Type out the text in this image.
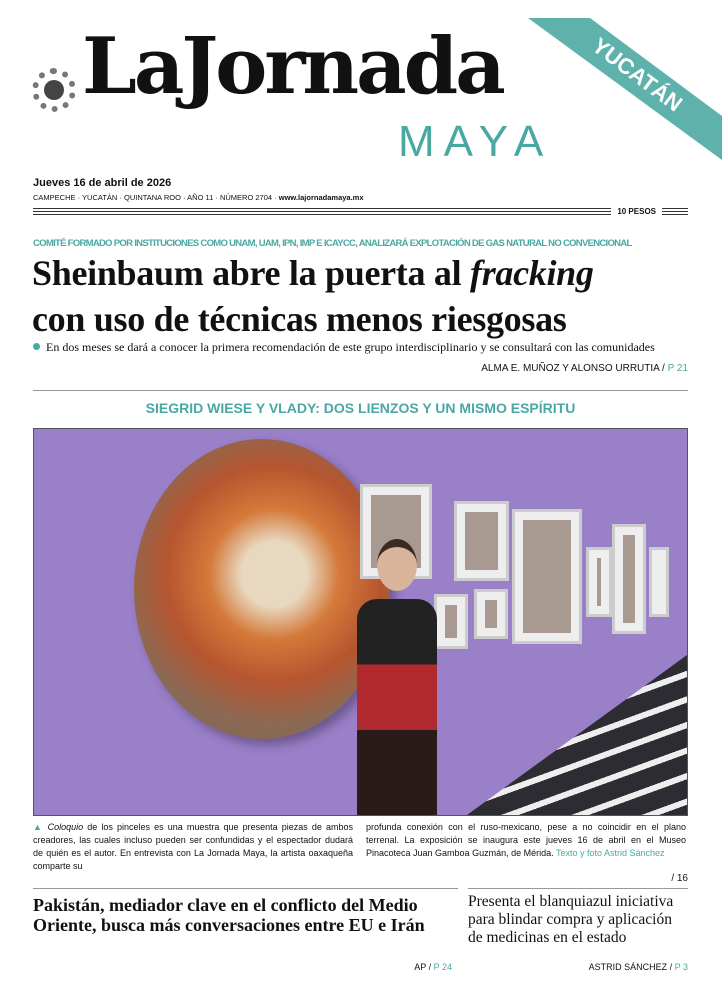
LaJornada
MAYA
YUCATÁN
Jueves 16 de abril de 2026
CAMPECHE · YUCATÁN · QUINTANA ROO · AÑO 11 · NÚMERO 2704 · www.lajornadamaya.mx
10 PESOS
COMITÉ FORMADO POR INSTITUCIONES COMO UNAM, UAM, IPN, IMP E ICAYCC, ANALIZARÁ EXPLOTACIÓN DE GAS NATURAL NO CONVENCIONAL
Sheinbaum abre la puerta al fracking
con uso de técnicas menos riesgosas
En dos meses se dará a conocer la primera recomendación de este grupo interdisciplinario y se consultará con las comunidades
ALMA E. MUÑOZ Y ALONSO URRUTIA / P 21
SIEGRID WIESE Y VLADY: DOS LIENZOS Y UN MISMO ESPÍRITU
▲ Coloquio de los pinceles es una muestra que presenta piezas de ambos creadores, las cuales incluso pueden ser confundidas y el espectador dudará de quién es el autor. En entrevista con La Jornada Maya, la artista oaxaqueña comparte su
profunda conexión con el ruso-mexicano, pese a no coincidir en el plano terrenal. La exposición se inaugura este jueves 16 de abril en el Museo Pinacoteca Juan Gamboa Guzmán, de Mérida. Texto y foto Astrid Sánchez
/ 16
Pakistán, mediador clave en el conflicto del Medio Oriente, busca más conversaciones entre EU e Irán
AP / P 24
Presenta el blanquiazul iniciativa para blindar compra y aplicación de medicinas en el estado
ASTRID SÁNCHEZ / P 3
